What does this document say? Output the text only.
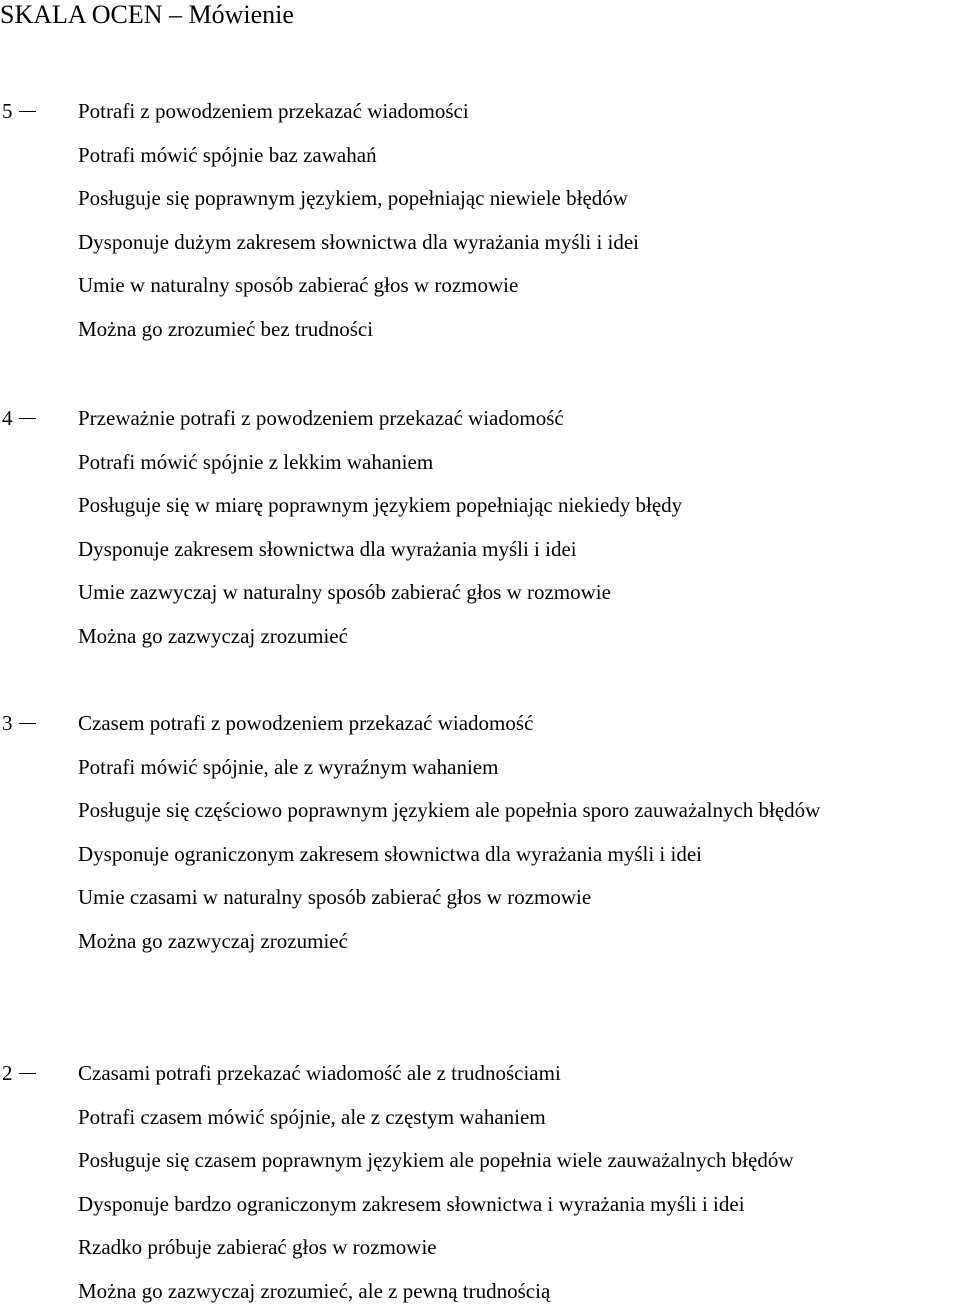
SKALA OCEN – Mówienie
5	Potrafi z powodzeniem przekazać wiadomości
Potrafi mówić spójnie baz zawahań
Posługuje się poprawnym językiem, popełniając niewiele błędów
Dysponuje dużym zakresem słownictwa dla wyrażania myśli i idei
Umie w naturalny sposób zabierać głos w rozmowie
Można go zrozumieć bez trudności
4	Przeważnie potrafi z powodzeniem przekazać wiadomość
Potrafi mówić spójnie z lekkim wahaniem
Posługuje się w miarę poprawnym językiem popełniając niekiedy błędy
Dysponuje zakresem słownictwa dla wyrażania myśli i idei
Umie zazwyczaj w naturalny sposób zabierać głos w rozmowie
Można go zazwyczaj zrozumieć
3	Czasem potrafi z powodzeniem przekazać wiadomość
Potrafi mówić spójnie, ale z wyraźnym wahaniem
Posługuje się częściowo poprawnym językiem ale popełnia sporo zauważalnych błędów
Dysponuje ograniczonym zakresem słownictwa dla wyrażania myśli i idei
Umie czasami w naturalny sposób zabierać głos w rozmowie
Można go zazwyczaj zrozumieć
2	Czasami potrafi przekazać wiadomość ale z trudnościami
Potrafi czasem mówić spójnie, ale z częstym wahaniem
Posługuje się czasem poprawnym językiem ale popełnia wiele zauważalnych błędów
Dysponuje bardzo ograniczonym zakresem słownictwa i wyrażania myśli i idei
Rzadko próbuje zabierać głos w rozmowie
Można go zazwyczaj zrozumieć, ale z pewną trudnością
